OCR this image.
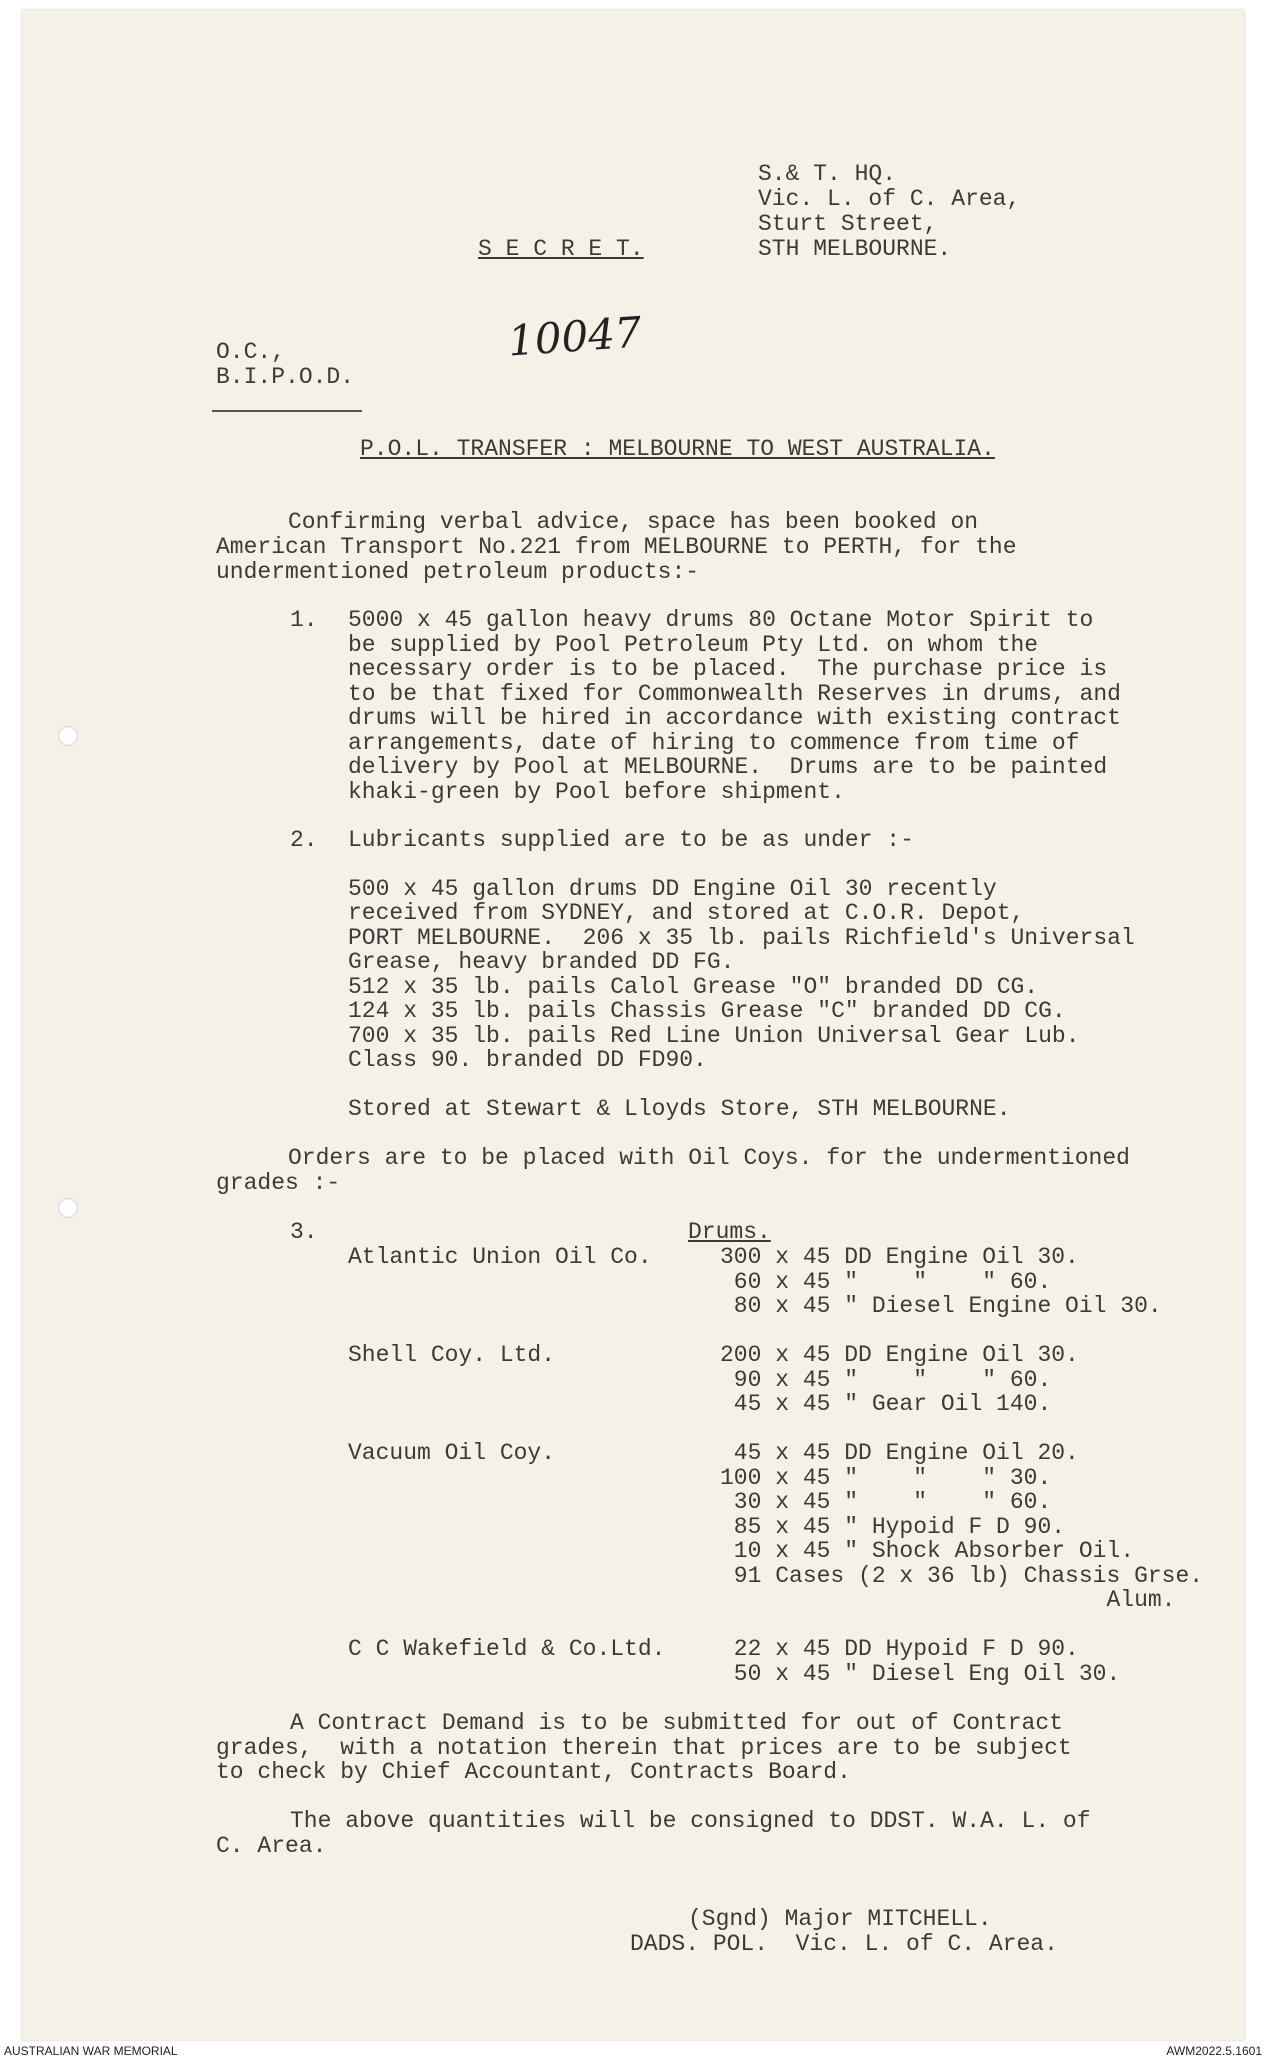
S.& T. HQ.
Vic. L. of C. Area,
Sturt Street,
STH MELBOURNE.
S E C R E T.
10047
O.C.,
B.I.P.O.D.
P.O.L. TRANSFER : MELBOURNE TO WEST AUSTRALIA.
Confirming verbal advice, space has been booked on
American Transport No.221 from MELBOURNE to PERTH, for the
undermentioned petroleum products:-
1. 5000 x 45 gallon heavy drums 80 Octane Motor Spirit to
be supplied by Pool Petroleum Pty Ltd. on whom the
necessary order is to be placed.  The purchase price is
to be that fixed for Commonwealth Reserves in drums, and
drums will be hired in accordance with existing contract
arrangements, date of hiring to commence from time of
delivery by Pool at MELBOURNE.  Drums are to be painted
khaki-green by Pool before shipment.
2. Lubricants supplied are to be as under :-
500 x 45 gallon drums DD Engine Oil 30 recently
received from SYDNEY, and stored at C.O.R. Depot,
PORT MELBOURNE.  206 x 35 lb. pails Richfield's Universal
Grease, heavy branded DD FG.
512 x 35 lb. pails Calol Grease "O" branded DD CG.
124 x 35 lb. pails Chassis Grease "C" branded DD CG.
700 x 35 lb. pails Red Line Union Universal Gear Lub.
Class 90. branded DD FD90.
Stored at Stewart & Lloyds Store, STH MELBOURNE.
Orders are to be placed with Oil Coys. for the undermentioned
grades :-
3.	Drums.
Atlantic Union Oil Co.	300 x 45 DD Engine Oil 30.
60 x 45 "    "    " 60.
80 x 45 " Diesel Engine Oil 30.
Shell Coy. Ltd.	200 x 45 DD Engine Oil 30.
90 x 45 "    "    " 60.
45 x 45 " Gear Oil 140.
Vacuum Oil Coy.	45 x 45 DD Engine Oil 20.
100 x 45 "    "    " 30.
30 x 45 "    "    " 60.
85 x 45 " Hypoid F D 90.
10 x 45 " Shock Absorber Oil.
91 Cases (2 x 36 lb) Chassis Grse.
Alum.
C C Wakefield & Co.Ltd. 22 x 45 DD Hypoid F D 90.
50 x 45 " Diesel Eng Oil 30.
A Contract Demand is to be submitted for out of Contract
grades,  with a notation therein that prices are to be subject
to check by Chief Accountant, Contracts Board.
The above quantities will be consigned to DDST. W.A. L. of
C. Area.
(Sgnd) Major MITCHELL.
DADS. POL.  Vic. L. of C. Area.
AUSTRALIAN WAR MEMORIAL	AWM2022.5.1601
